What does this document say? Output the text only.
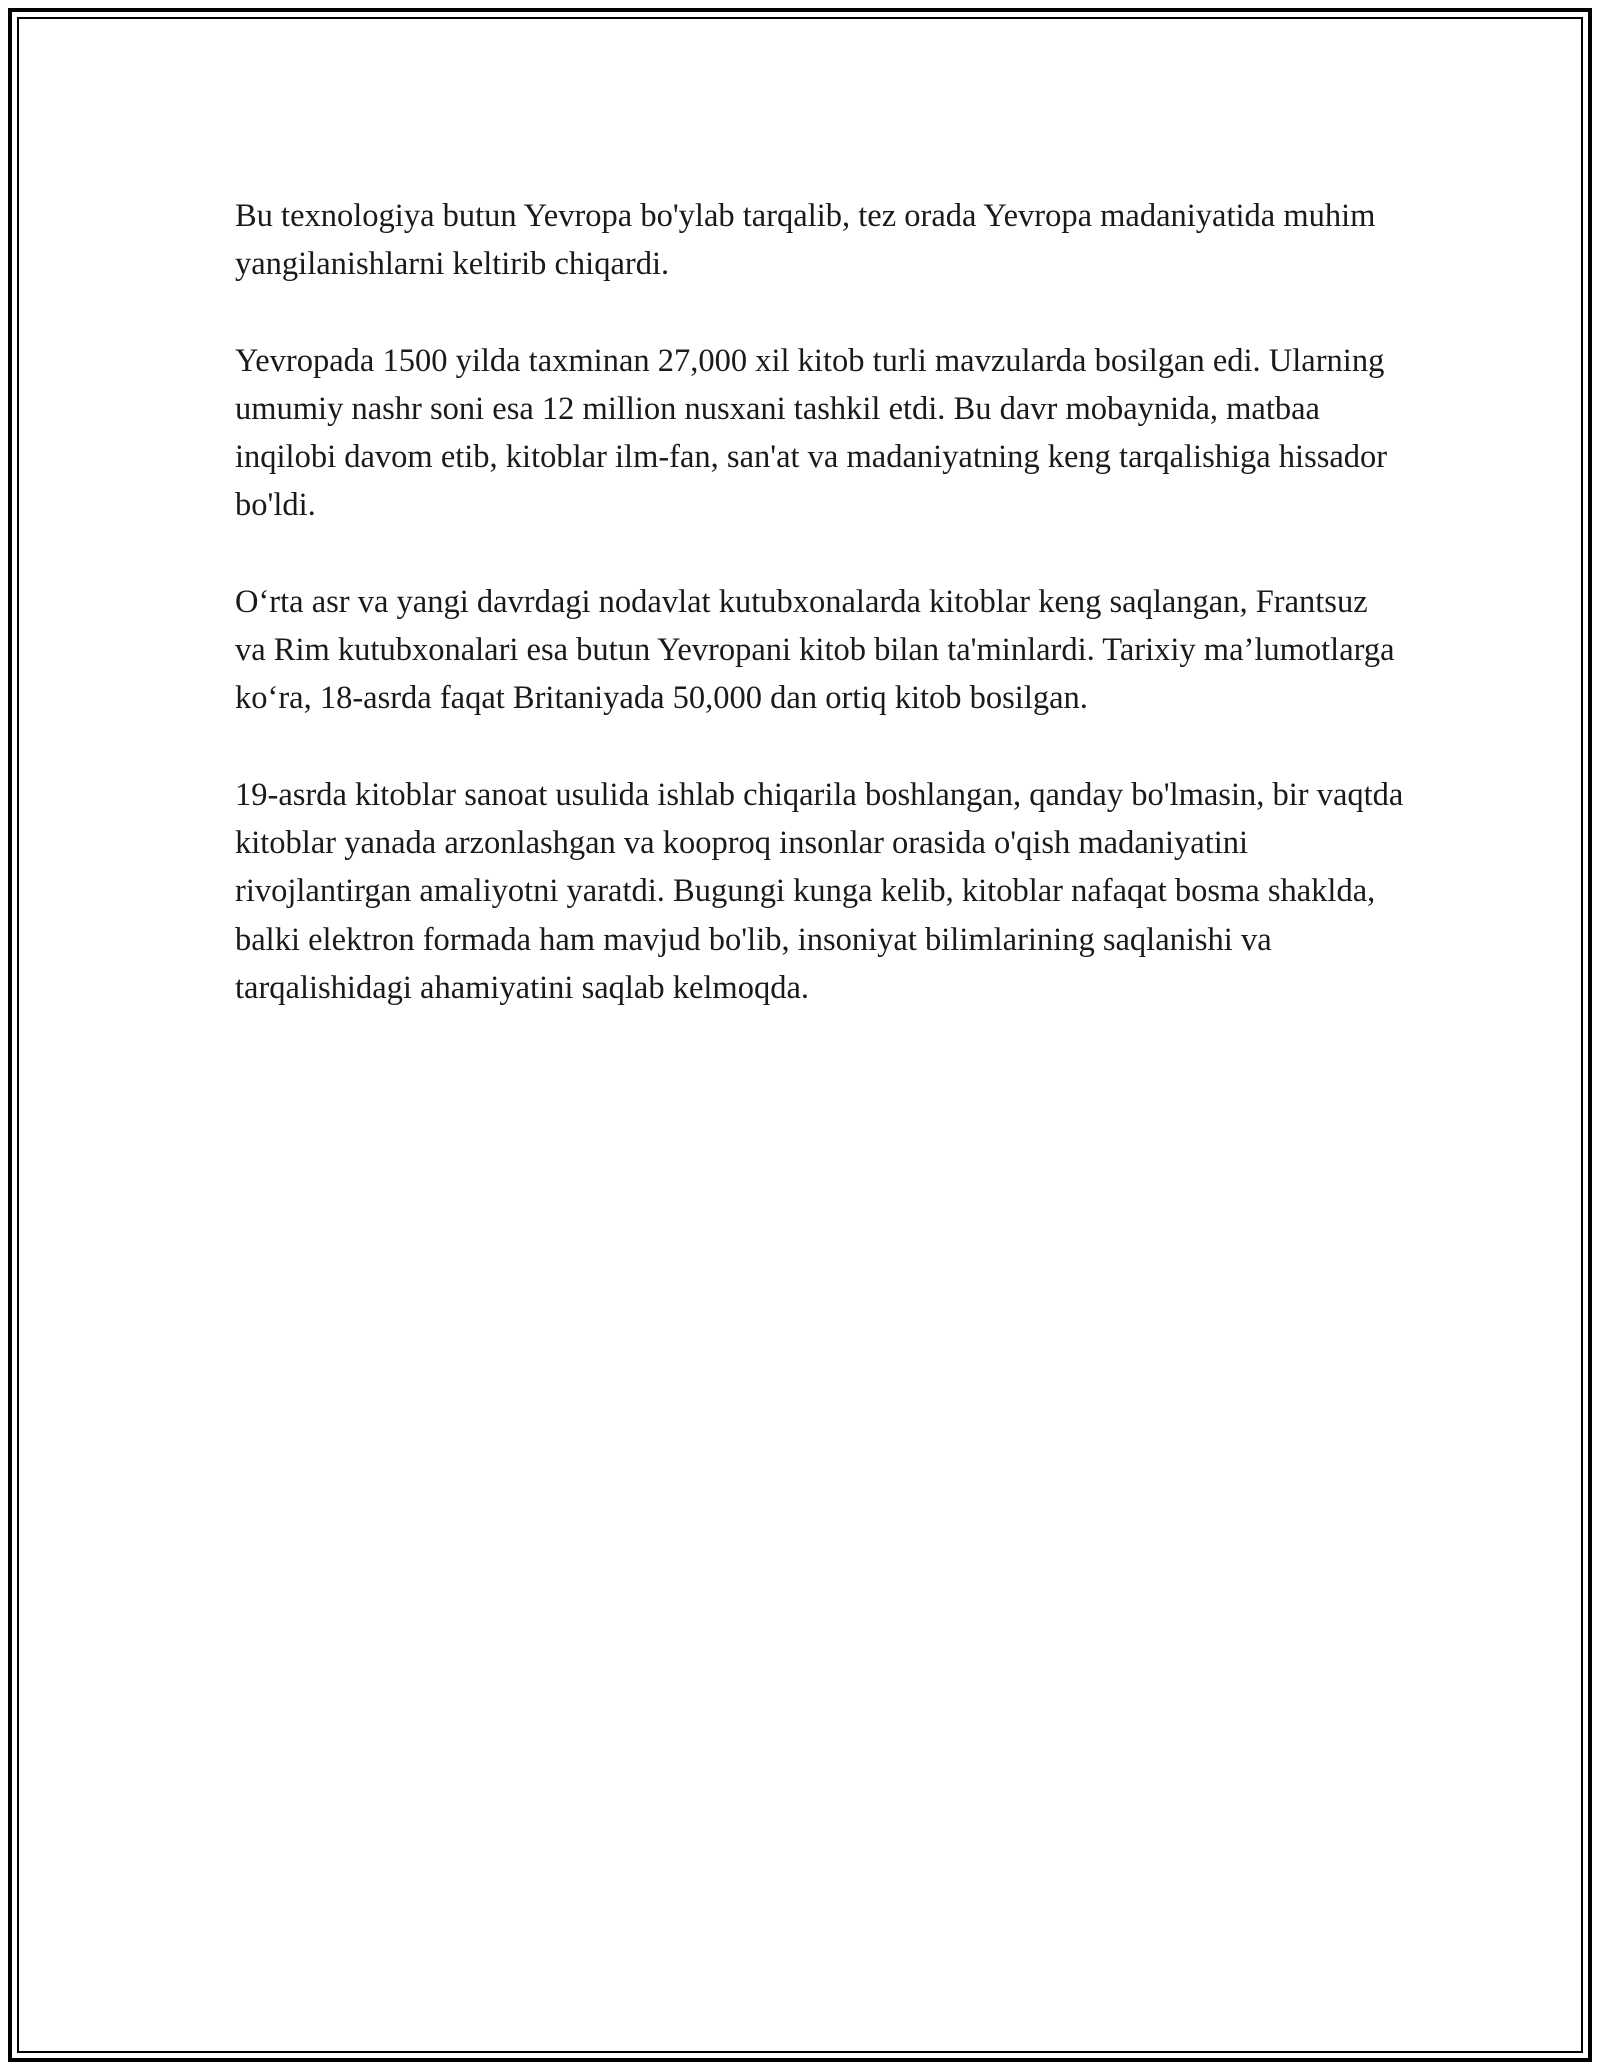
Bu texnologiya butun Yevropa bo'ylab tarqalib, tez orada Yevropa madaniyatida muhim yangilanishlarni keltirib chiqardi.

Yevropada 1500 yilda taxminan 27,000 xil kitob turli mavzularda bosilgan edi. Ularning umumiy nashr soni esa 12 million nusxani tashkil etdi. Bu davr mobaynida, matbaa inqilobi davom etib, kitoblar ilm-fan, san'at va madaniyatning keng tarqalishiga hissador bo'ldi.

O‘rta asr va yangi davrdagi nodavlat kutubxonalarda kitoblar keng saqlangan, Frantsuz va Rim kutubxonalari esa butun Yevropani kitob bilan ta'minlardi. Tarixiy ma’lumotlarga ko‘ra, 18-asrda faqat Britaniyada 50,000 dan ortiq kitob bosilgan.

19-asrda kitoblar sanoat usulida ishlab chiqarila boshlangan, qanday bo'lmasin, bir vaqtda kitoblar yanada arzonlashgan va kooproq insonlar orasida o'qish madaniyatini rivojlantirgan amaliyotni yaratdi. Bugungi kunga kelib, kitoblar nafaqat bosma shaklda, balki elektron formada ham mavjud bo'lib, insoniyat bilimlarining saqlanishi va tarqalishidagi ahamiyatini saqlab kelmoqda.
